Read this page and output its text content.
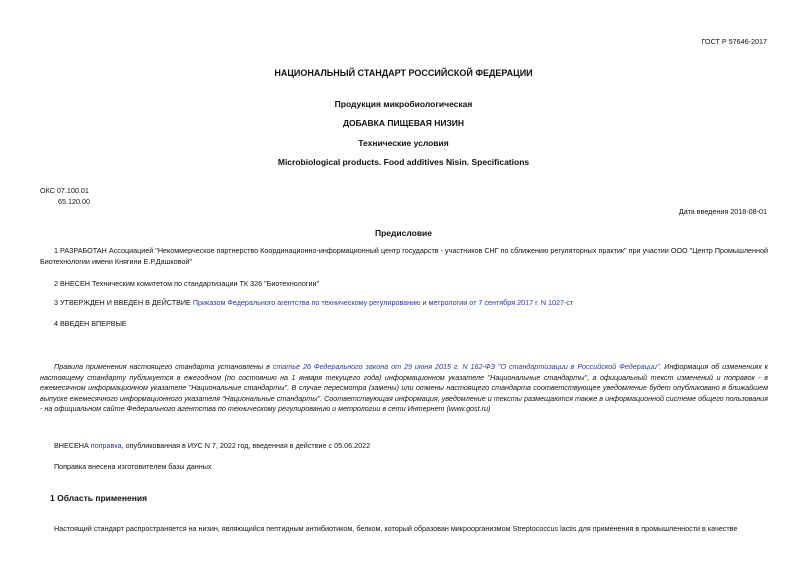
ГОСТ Р 57646-2017
НАЦИОНАЛЬНЫЙ СТАНДАРТ РОССИЙСКОЙ ФЕДЕРАЦИИ
Продукция микробиологическая
ДОБАВКА ПИЩЕВАЯ НИЗИН
Технические условия
Microbiological products. Food additives Nisin. Specifications
ОКС 07.100.01
65.120.00
Дата введения 2018-08-01
Предисловие
1 РАЗРАБОТАН Ассоциацией "Некоммерческое партнерство Координационно-информационный центр государств - участников СНГ по сближению регуляторных практик" при участии ООО "Центр Промышленной Биотехнологии имени Княгини Е.Р.Дашковой"
2 ВНЕСЕН Техническим комитетом по стандартизации ТК 326 "Биотехнологии"
3 УТВЕРЖДЕН И ВВЕДЕН В ДЕЙСТВИЕ Приказом Федерального агентства по техническому регулированию и метрологии от 7 сентября 2017 г. N 1027-ст
4 ВВЕДЕН ВПЕРВЫЕ
Правила применения настоящего стандарта установлены в статье 26 Федерального закона от 29 июня 2015 г. N 162-ФЗ "О стандартизации в Российской Федерации". Информация об изменениях к настоящему стандарту публикуется в ежегодном (по состоянию на 1 января текущего года) информационном указателе "Национальные стандарты", а официальный текст изменений и поправок - в ежемесячном информационном указателе "Национальные стандарты". В случае пересмотра (замены) или отмены настоящего стандарта соответствующее уведомление будет опубликовано в ближайшем выпуске ежемесячного информационного указателя "Национальные стандарты". Соответствующая информация, уведомление и тексты размещаются также в информационной системе общего пользования - на официальном сайте Федерального агентства по техническому регулированию и метрологии в сети Интернет (www.gost.ru)
ВНЕСЕНА поправка, опубликованная в ИУС N 7, 2022 год, введенная в действие с 05.06.2022
Поправка внесена изготовителем базы данных
1 Область применения
Настоящий стандарт распространяется на низин, являющийся пептидным антибиотиком, белком, который образован микроорганизмом Streptococcus lactis для применения в промышленности в качестве
